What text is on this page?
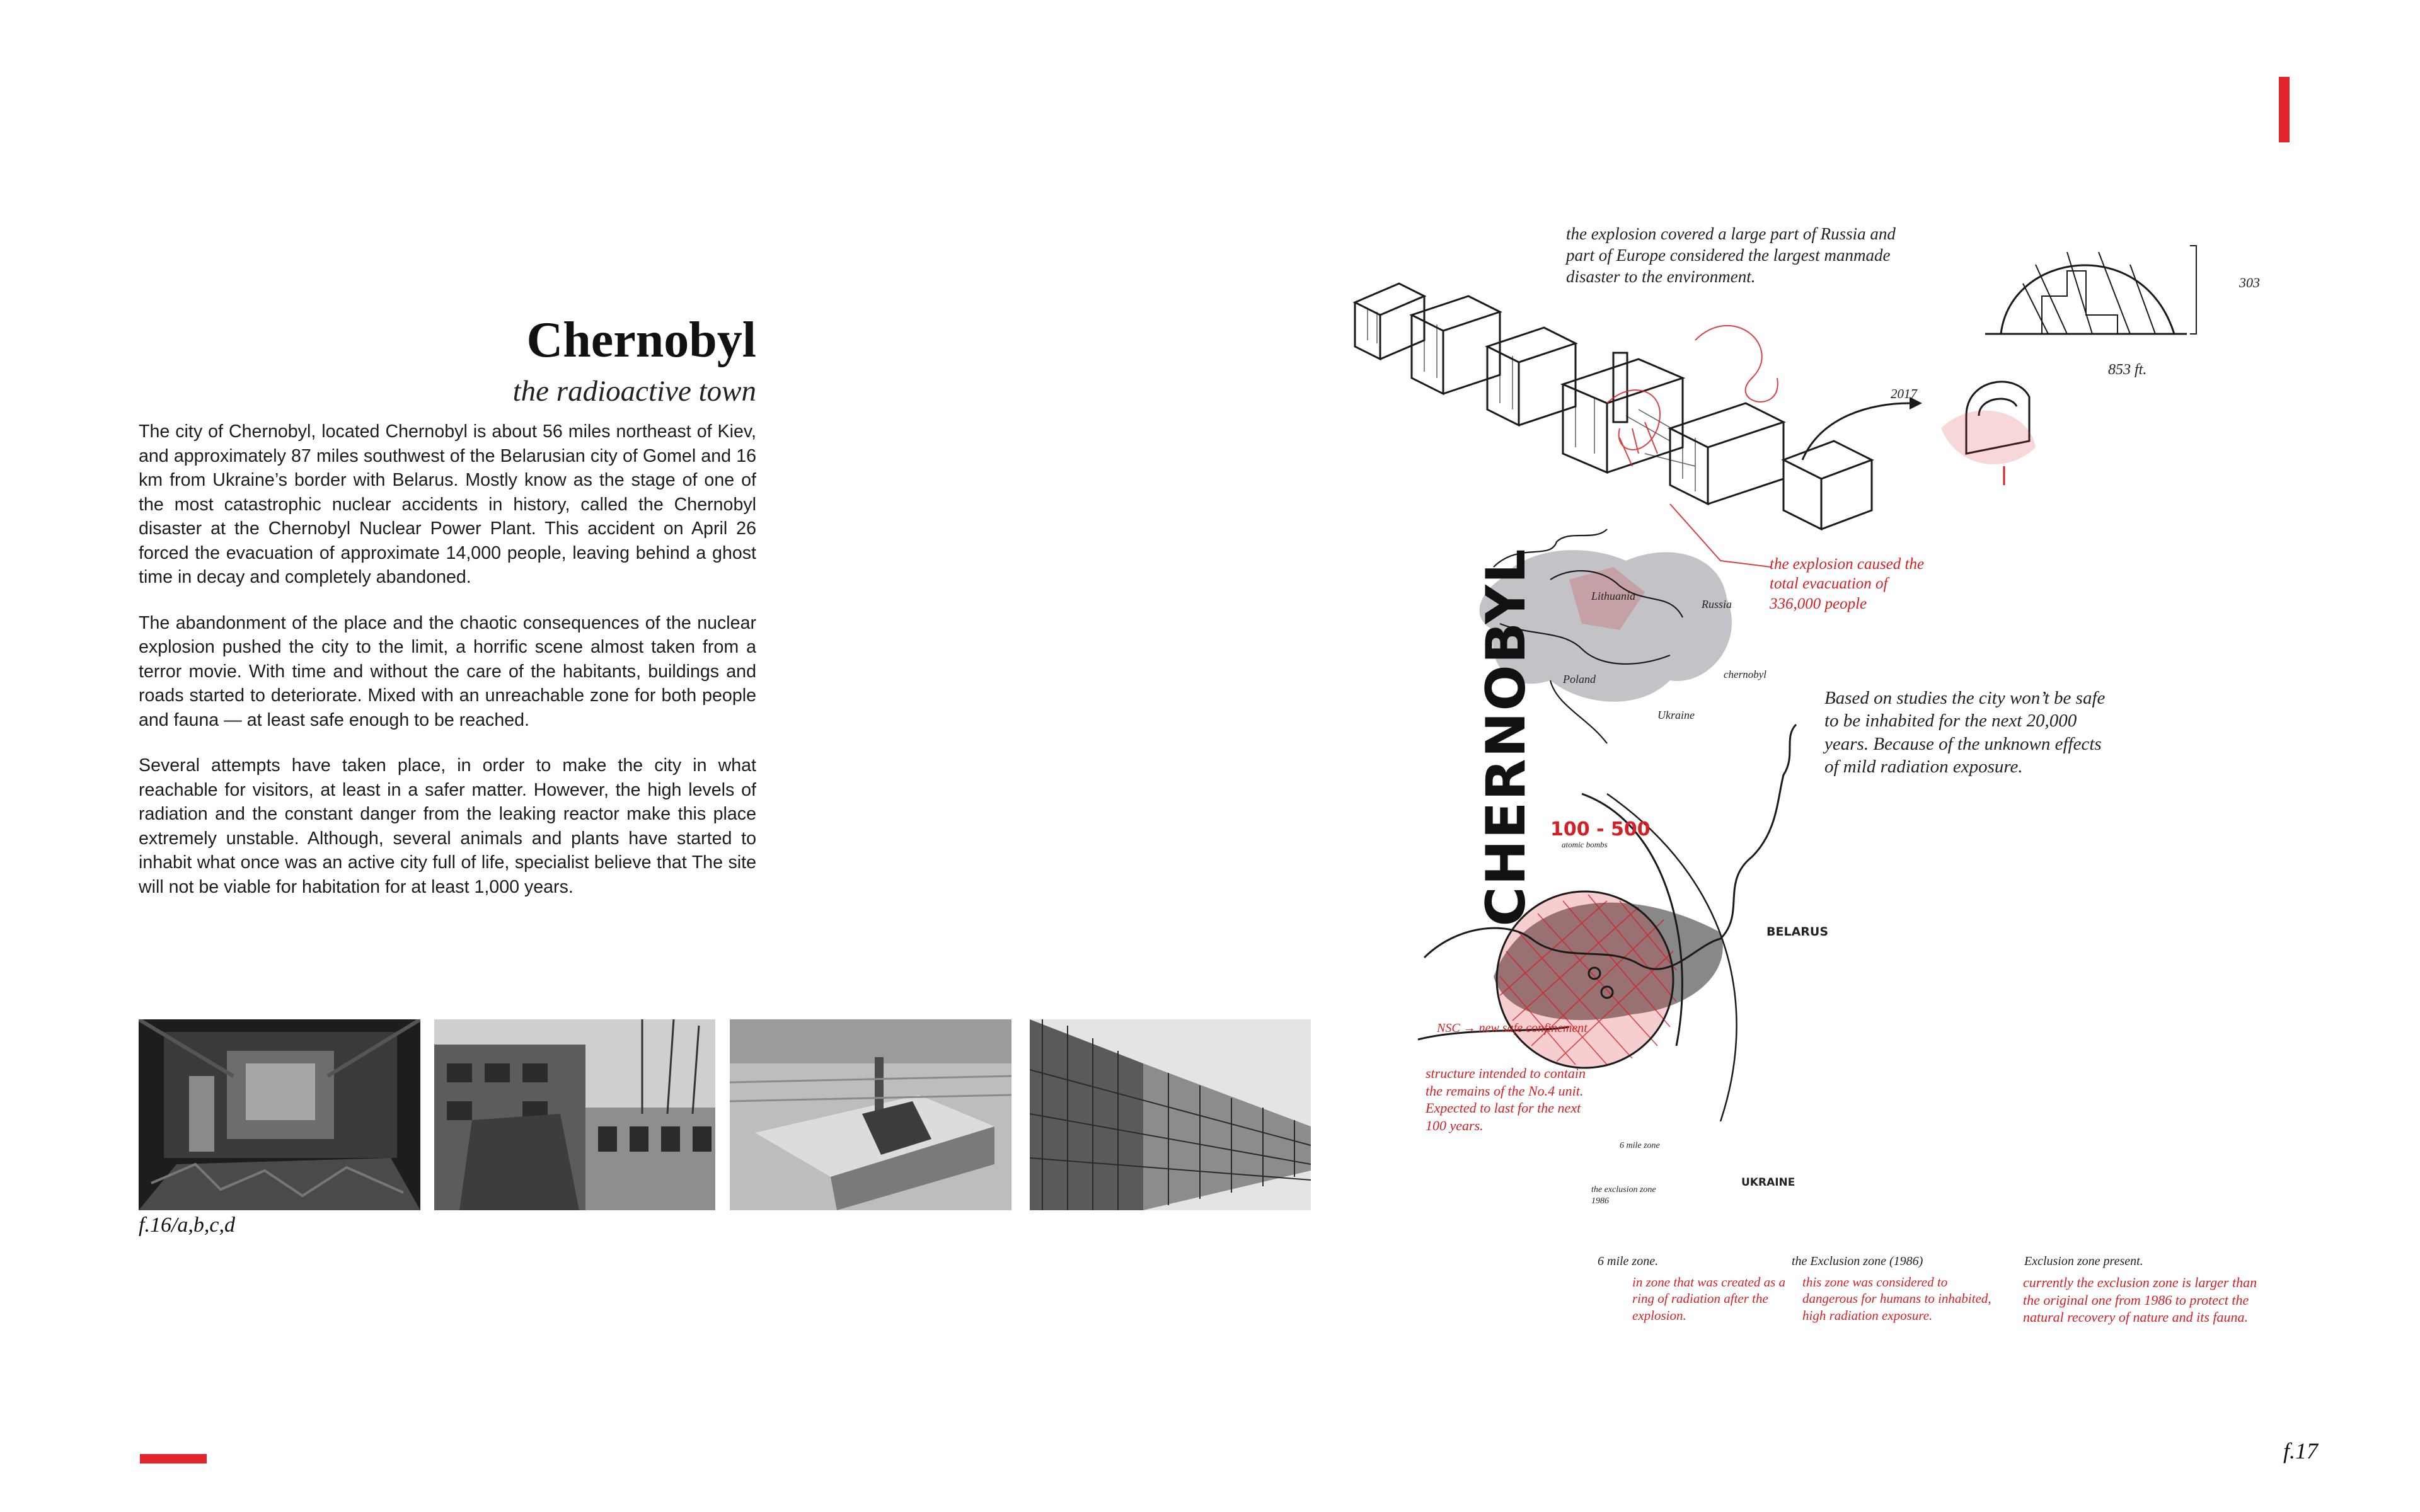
Chernobyl
the radioactive town

The city of Chernobyl, located Chernobyl is about 56 miles northeast of Kiev, and approximately 87 miles southwest of the Belarusian city of Gomel and 16 km from Ukraine’s border with Belarus. Mostly know as the stage of one of the most catastrophic nuclear accidents in history, called the Chernobyl disaster at the Chernobyl Nuclear Power Plant. This accident on April 26 forced the evacuation of approximate 14,000 people, leaving behind a ghost time in decay and completely abandoned.

The abandonment of the place and the chaotic consequences of the nuclear explosion pushed the city to the limit, a horrific scene almost taken from a terror movie. With time and without the care of the habitants, buildings and roads started to deteriorate. Mixed with an unreachable zone for both people and fauna — at least safe enough to be reached.

Several attempts have taken place, in order to make the city in what reachable for visitors, at least in a safer matter. However, the high levels of radiation and the constant danger from the leaking reactor make this place extremely unstable. Although, several animals and plants have started to inhabit what once was an active city full of life, specialist believe that The site will not be viable for habitation for at least 1,000 years.

f.16/a,b,c,d
CHERNOBYL
the explosion covered a large part of Russia and part of Europe considered the largest manmade disaster to the environment.	303
853 ft.
2017
the explosion caused the total evacuation of 336,000 people
Based on studies the city won’t be safe to be inhabited for the next 20,000 years. Because of the unknown effects of mild radiation exposure.
Lithuania
Russia
Poland
Ukraine
chernobyl
100 - 500
atomic bombs
BELARUS
UKRAINE
NSC → new safe confinement
structure intended to contain the remains of the No.4 unit. Expected to last for the next 100 years.
6 mile zone
the exclusion zone 1986
6 mile zone.
in zone that was created as a ring of radiation after the explosion.
the Exclusion zone (1986)
this zone was considered to dangerous for humans to inhabited, high radiation exposure.
Exclusion zone present.
currently the exclusion zone is larger than the original one from 1986 to protect the natural recovery of nature and its fauna.
f.17
